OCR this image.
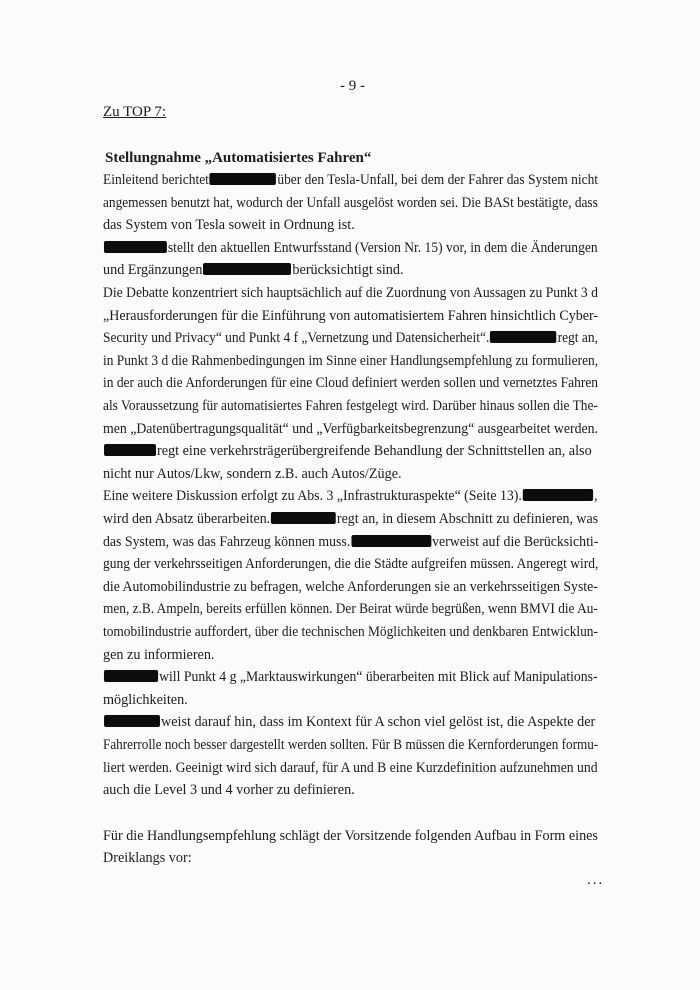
- 9 -
Zu TOP 7:
Stellungnahme „Automatisiertes Fahren“
Einleitend berichtet	über den Tesla-Unfall, bei dem der Fahrer das System nicht
angemessen benutzt hat, wodurch der Unfall ausgelöst worden sei. Die BASt bestätigte, dass
das System von Tesla soweit in Ordnung ist.
stellt den aktuellen Entwurfsstand (Version Nr. 15) vor, in dem die Änderungen
und Ergänzungen	berücksichtigt sind.
Die Debatte konzentriert sich hauptsächlich auf die Zuordnung von Aussagen zu Punkt 3 d
„Herausforderungen für die Einführung von automatisiertem Fahren hinsichtlich Cyber-
Security und Privacy“ und Punkt 4 f „Vernetzung und Datensicherheit“.	regt an,
in Punkt 3 d die Rahmenbedingungen im Sinne einer Handlungsempfehlung zu formulieren,
in der auch die Anforderungen für eine Cloud definiert werden sollen und vernetztes Fahren
als Voraussetzung für automatisiertes Fahren festgelegt wird. Darüber hinaus sollen die The-
men „Datenübertragungsqualität“ und „Verfügbarkeitsbegrenzung“ ausgearbeitet werden.
regt eine verkehrsträgerübergreifende Behandlung der Schnittstellen an, also
nicht nur Autos/Lkw, sondern z.B. auch Autos/Züge.
Eine weitere Diskussion erfolgt zu Abs. 3 „Infrastrukturaspekte“ (Seite 13).	,
wird den Absatz überarbeiten.	regt an, in diesem Abschnitt zu definieren, was
das System, was das Fahrzeug können muss.	verweist auf die Berücksichti-
gung der verkehrsseitigen Anforderungen, die die Städte aufgreifen müssen. Angeregt wird,
die Automobilindustrie zu befragen, welche Anforderungen sie an verkehrsseitigen Syste-
men, z.B. Ampeln, bereits erfüllen können. Der Beirat würde begrüßen, wenn BMVI die Au-
tomobilindustrie auffordert, über die technischen Möglichkeiten und denkbaren Entwicklun-
gen zu informieren.
will Punkt 4 g „Marktauswirkungen“ überarbeiten mit Blick auf Manipulations-
möglichkeiten.
weist darauf hin, dass im Kontext für A schon viel gelöst ist, die Aspekte der
Fahrerrolle noch besser dargestellt werden sollten. Für B müssen die Kernforderungen formu-
liert werden. Geeinigt wird sich darauf, für A und B eine Kurzdefinition aufzunehmen und
auch die Level 3 und 4 vorher zu definieren.
Für die Handlungsempfehlung schlägt der Vorsitzende folgenden Aufbau in Form eines
Dreiklangs vor:
...
